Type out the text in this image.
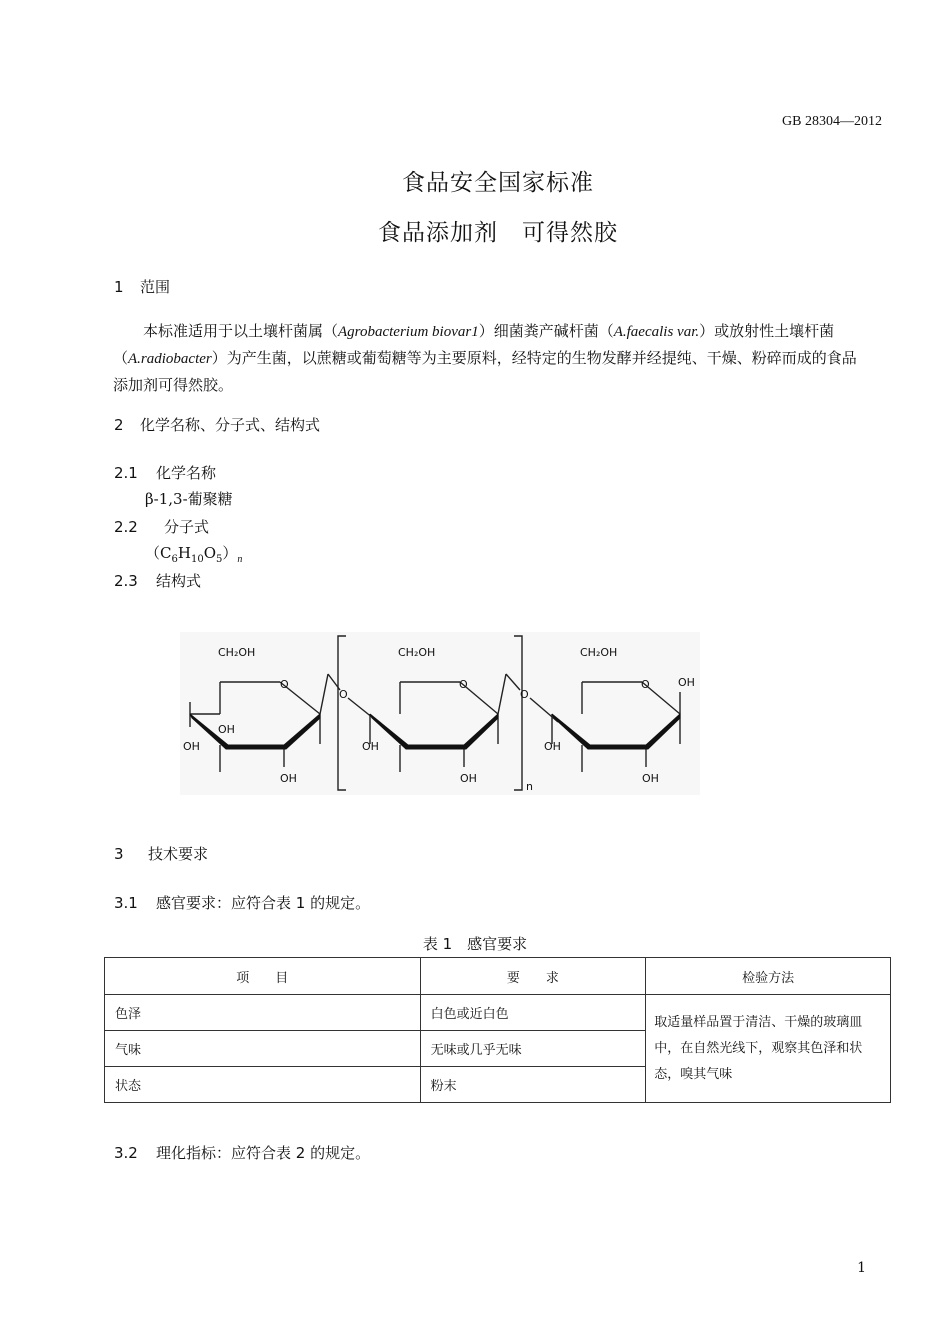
GB 28304—2012
食品安全国家标准
食品添加剂　可得然胶
1 范围
本标准适用于以土壤杆菌属（Agrobacterium biovar1）细菌粪产碱杆菌（A.faecalis var.）或放射性土壤杆菌（A.radiobacter）为产生菌，以蔗糖或葡萄糖等为主要原料，经特定的生物发酵并经提纯、干燥、粉碎而成的食品添加剂可得然胶。
2 化学名称、分子式、结构式
2.1 化学名称
β-1,3-葡聚糖
2.2 分子式
$(C_6H_{10}O_5)_n$
2.3 结构式
CH₂OH	CH₂OH	CH₂OH
O	O	O
O	O
OH
OH
OH
OH
OH
OH
OH
OH
n
3 技术要求
3.1 感官要求：应符合表 1 的规定。
表 1　感官要求
项　　目	要　　求	检验方法
色泽	白色或近白色	取适量样品置于清洁、干燥的玻璃皿中，在自然光线下，观察其色泽和状态，嗅其气味
气味	无味或几乎无味	
状态	粉末	
3.2 理化指标：应符合表 2 的规定。
1
